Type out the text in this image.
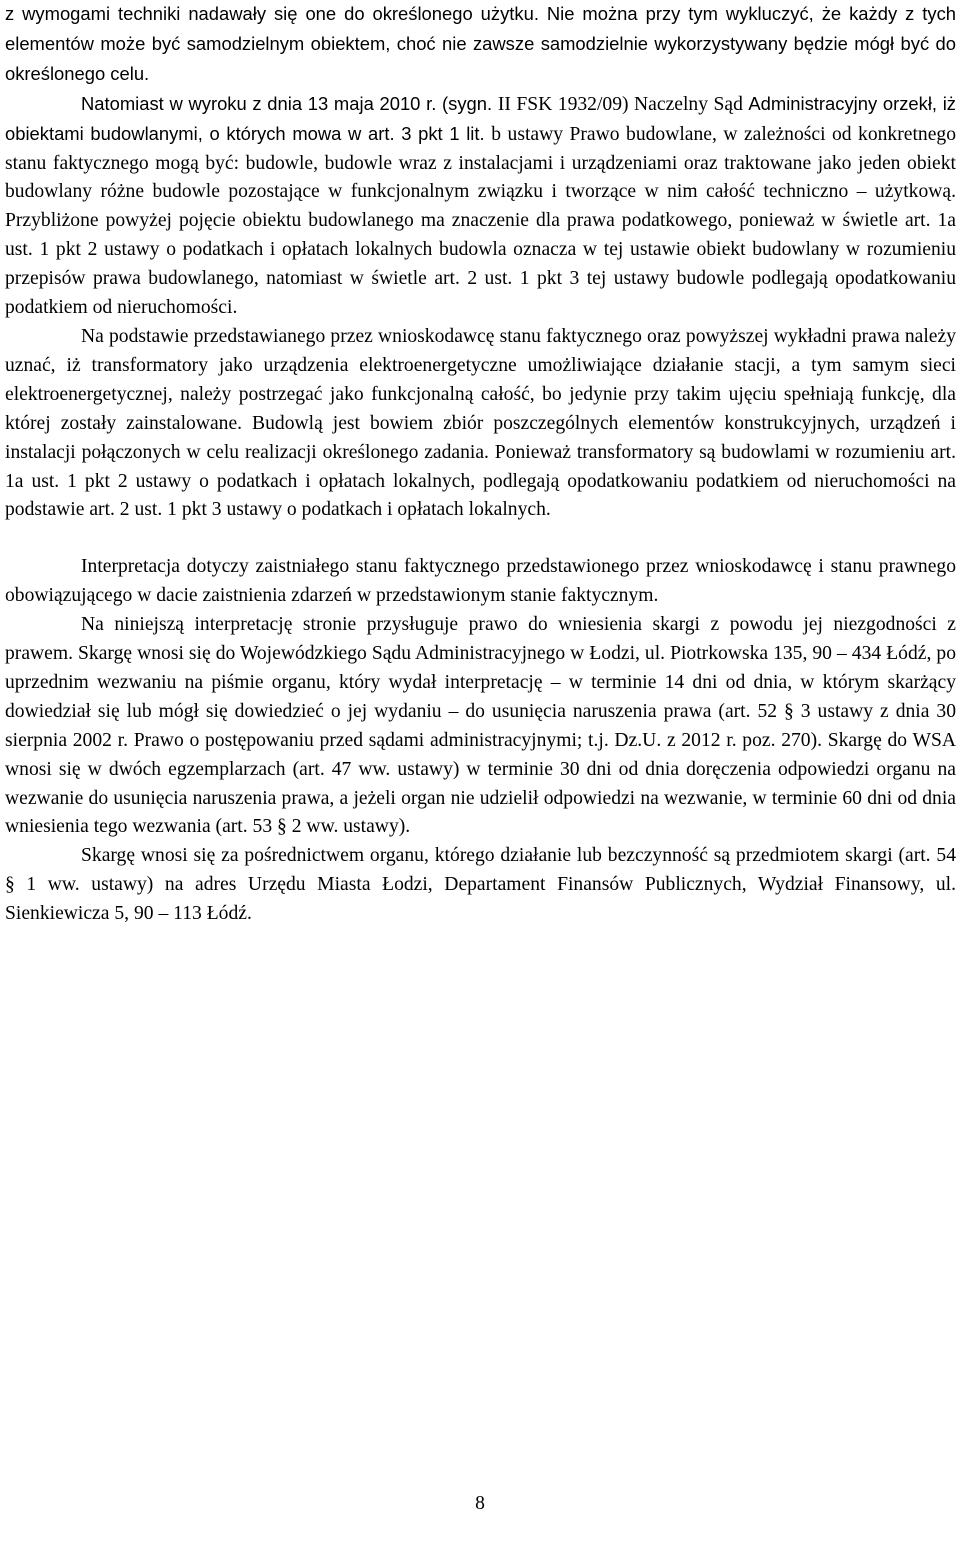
z wymogami techniki nadawały się one do określonego użytku. Nie można przy tym wykluczyć, że każdy z tych elementów może być samodzielnym obiektem, choć nie zawsze samodzielnie wykorzystywany będzie mógł być do określonego celu.

Natomiast w wyroku z dnia 13 maja 2010 r. (sygn. II FSK 1932/09) Naczelny Sąd Administracyjny orzekł, iż obiektami budowlanymi, o których mowa w art. 3 pkt 1 lit. b ustawy Prawo budowlane, w zależności od konkretnego stanu faktycznego mogą być: budowle, budowle wraz z instalacjami i urządzeniami oraz traktowane jako jeden obiekt budowlany różne budowle pozostające w funkcjonalnym związku i tworzące w nim całość techniczno – użytkową. Przybliżone powyżej pojęcie obiektu budowlanego ma znaczenie dla prawa podatkowego, ponieważ w świetle art. 1a ust. 1 pkt 2 ustawy o podatkach i opłatach lokalnych budowla oznacza w tej ustawie obiekt budowlany w rozumieniu przepisów prawa budowlanego, natomiast w świetle art. 2 ust. 1 pkt 3 tej ustawy budowle podlegają opodatkowaniu podatkiem od nieruchomości.

Na podstawie przedstawianego przez wnioskodawcę stanu faktycznego oraz powyższej wykładni prawa należy uznać, iż transformatory jako urządzenia elektroenergetyczne umożliwiające działanie stacji, a tym samym sieci elektroenergetycznej, należy postrzegać jako funkcjonalną całość, bo jedynie przy takim ujęciu spełniają funkcję, dla której zostały zainstalowane. Budowlą jest bowiem zbiór poszczególnych elementów konstrukcyjnych, urządzeń i instalacji połączonych w celu realizacji określonego zadania. Ponieważ transformatory są budowlami w rozumieniu art. 1a ust. 1 pkt 2 ustawy o podatkach i opłatach lokalnych, podlegają opodatkowaniu podatkiem od nieruchomości na podstawie art. 2 ust. 1 pkt 3 ustawy o podatkach i opłatach lokalnych.

Interpretacja dotyczy zaistniałego stanu faktycznego przedstawionego przez wnioskodawcę i stanu prawnego obowiązującego w dacie zaistnienia zdarzeń w przedstawionym stanie faktycznym.

Na niniejszą interpretację stronie przysługuje prawo do wniesienia skargi z powodu jej niezgodności z prawem. Skargę wnosi się do Wojewódzkiego Sądu Administracyjnego w Łodzi, ul. Piotrkowska 135, 90 – 434 Łódź, po uprzednim wezwaniu na piśmie organu, który wydał interpretację – w terminie 14 dni od dnia, w którym skarżący dowiedział się lub mógł się dowiedzieć o jej wydaniu – do usunięcia naruszenia prawa (art. 52 § 3 ustawy z dnia 30 sierpnia 2002 r. Prawo o postępowaniu przed sądami administracyjnymi; t.j. Dz.U. z 2012 r. poz. 270). Skargę do WSA wnosi się w dwóch egzemplarzach (art. 47 ww. ustawy) w terminie 30 dni od dnia doręczenia odpowiedzi organu na wezwanie do usunięcia naruszenia prawa, a jeżeli organ nie udzielił odpowiedzi na wezwanie, w terminie 60 dni od dnia wniesienia tego wezwania (art. 53 § 2 ww. ustawy).

Skargę wnosi się za pośrednictwem organu, którego działanie lub bezczynność są przedmiotem skargi (art. 54 § 1 ww. ustawy) na adres Urzędu Miasta Łodzi, Departament Finansów Publicznych, Wydział Finansowy, ul. Sienkiewicza 5, 90 – 113 Łódź.

8
